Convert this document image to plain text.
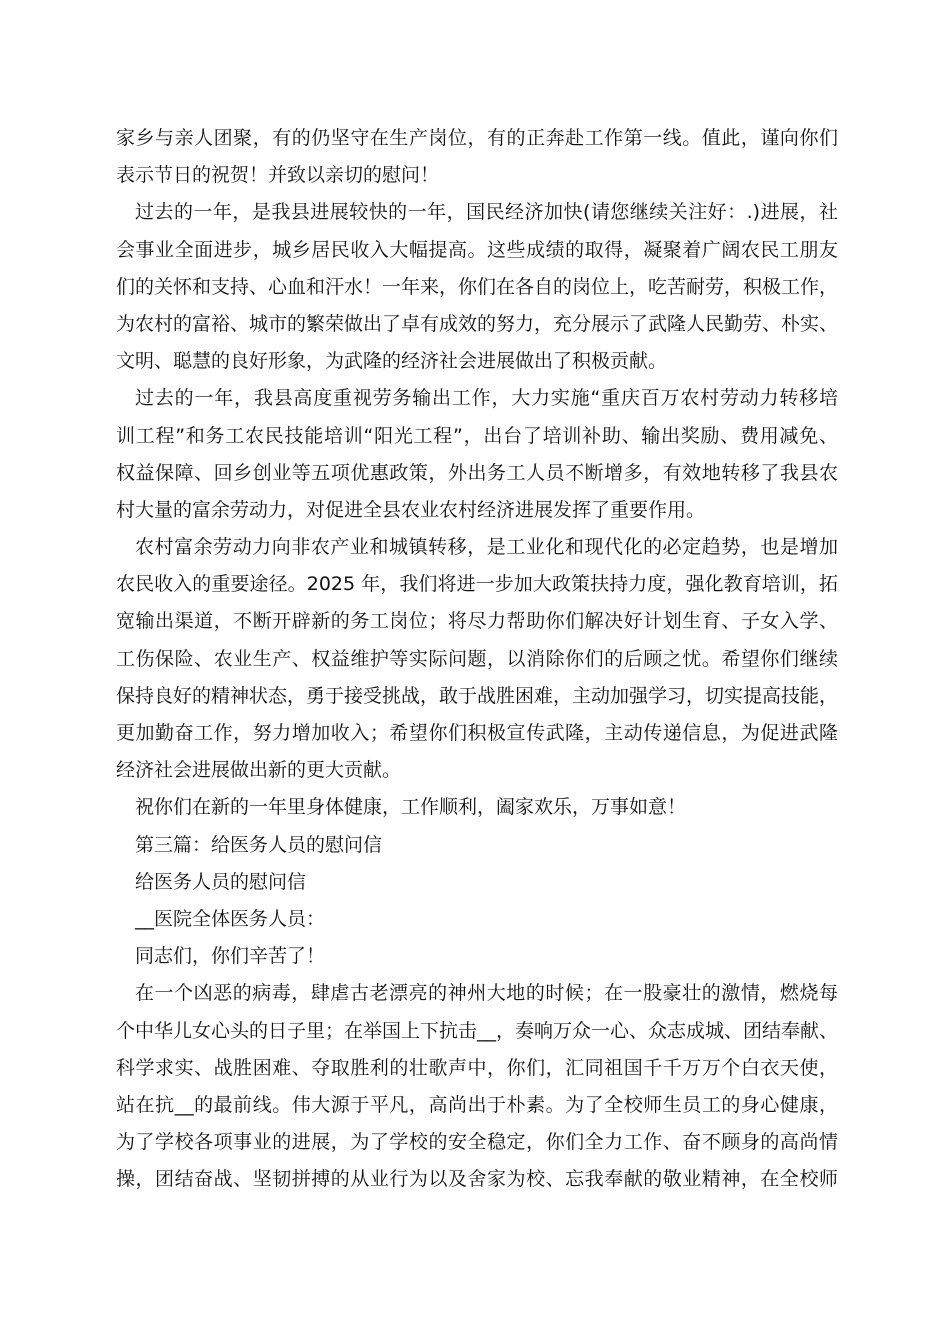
家乡与亲人团聚，有的仍坚守在生产岗位，有的正奔赴工作第一线。值此，谨向你们
表示节日的祝贺！并致以亲切的慰问！
过去的一年，是我县进展较快的一年，国民经济加快(请您继续关注好：.)进展，社
会事业全面进步，城乡居民收入大幅提高。这些成绩的取得，凝聚着广阔农民工朋友
们的关怀和支持、心血和汗水！一年来，你们在各自的岗位上，吃苦耐劳，积极工作，
为农村的富裕、城市的繁荣做出了卓有成效的努力，充分展示了武隆人民勤劳、朴实、
文明、聪慧的良好形象，为武隆的经济社会进展做出了积极贡献。
过去的一年，我县高度重视劳务输出工作，大力实施“重庆百万农村劳动力转移培
训工程”和务工农民技能培训“阳光工程”，出台了培训补助、输出奖励、费用减免、
权益保障、回乡创业等五项优惠政策，外出务工人员不断增多，有效地转移了我县农
村大量的富余劳动力，对促进全县农业农村经济进展发挥了重要作用。
农村富余劳动力向非农产业和城镇转移，是工业化和现代化的必定趋势，也是增加
农民收入的重要途径。2025 年，我们将进一步加大政策扶持力度，强化教育培训，拓
宽输出渠道，不断开辟新的务工岗位；将尽力帮助你们解决好计划生育、子女入学、
工伤保险、农业生产、权益维护等实际问题，以消除你们的后顾之忧。希望你们继续
保持良好的精神状态，勇于接受挑战，敢于战胜困难，主动加强学习，切实提高技能，
更加勤奋工作，努力增加收入；希望你们积极宣传武隆，主动传递信息，为促进武隆
经济社会进展做出新的更大贡献。
祝你们在新的一年里身体健康，工作顺利，阖家欢乐，万事如意！
第三篇：给医务人员的慰问信
给医务人员的慰问信
__医院全体医务人员：
同志们，你们辛苦了！
在一个凶恶的病毒，肆虐古老漂亮的神州大地的时候；在一股豪壮的激情，燃烧每
个中华儿女心头的日子里；在举国上下抗击__，奏响万众一心、众志成城、团结奉献、
科学求实、战胜困难、夺取胜利的壮歌声中，你们，汇同祖国千千万万个白衣天使，
站在抗__的最前线。伟大源于平凡，高尚出于朴素。为了全校师生员工的身心健康，
为了学校各项事业的进展，为了学校的安全稳定，你们全力工作、奋不顾身的高尚情
操，团结奋战、坚韧拼搏的从业行为以及舍家为校、忘我奉献的敬业精神，在全校师
